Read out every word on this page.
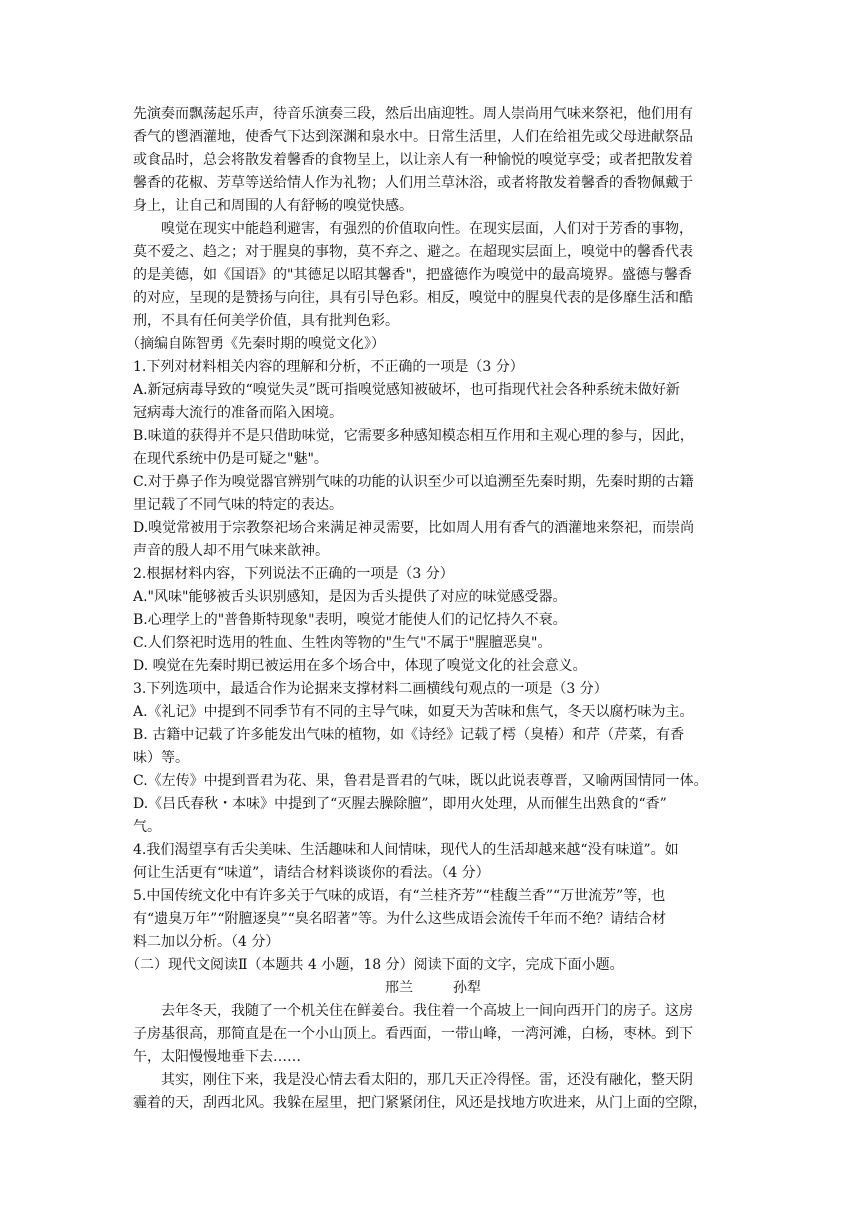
先演奏而飘荡起乐声，待音乐演奏三段，然后出庙迎牲。周人崇尚用气味来祭祀，他们用有
香气的鬯酒灌地，使香气下达到深渊和泉水中。日常生活里，人们在给祖先或父母进献祭品
或食品时，总会将散发着馨香的食物呈上，以让亲人有一种愉悦的嗅觉享受；或者把散发着
馨香的花椒、芳草等送给情人作为礼物；人们用兰草沐浴，或者将散发着馨香的香物佩戴于
身上，让自己和周围的人有舒畅的嗅觉快感。
嗅觉在现实中能趋利避害，有强烈的价值取向性。在现实层面，人们对于芳香的事物，
莫不爱之、趋之；对于腥臭的事物，莫不弃之、避之。在超现实层面上，嗅觉中的馨香代表
的是美德，如《国语》的"其德足以昭其馨香"，把盛德作为嗅觉中的最高境界。盛德与馨香
的对应，呈现的是赞扬与向往，具有引导色彩。相反，嗅觉中的腥臭代表的是侈靡生活和酷
刑，不具有任何美学价值，具有批判色彩。
（摘编自陈智勇《先秦时期的嗅觉文化》）
1.下列对材料相关内容的理解和分析，不正确的一项是（3 分）
A.新冠病毒导致的“嗅觉失灵”既可指嗅觉感知被破坏，也可指现代社会各种系统未做好新
冠病毒大流行的准备而陷入困境。
B.味道的获得并不是只借助味觉，它需要多种感知模态相互作用和主观心理的参与，因此，
在现代系统中仍是可疑之"魅"。
C.对于鼻子作为嗅觉器官辨别气味的功能的认识至少可以追溯至先秦时期，先秦时期的古籍
里记载了不同气味的特定的表达。
D.嗅觉常被用于宗教祭祀场合来满足神灵需要，比如周人用有香气的酒灌地来祭祀，而崇尚
声音的殷人却不用气味来歆神。
2.根据材料内容，下列说法不正确的一项是（3 分）
A."风味"能够被舌头识别感知，是因为舌头提供了对应的味觉感受器。
B.心理学上的"普鲁斯特现象"表明，嗅觉才能使人们的记忆持久不衰。
C.人们祭祀时选用的牲血、生牲肉等物的"生气"不属于"腥膻恶臭"。
D. 嗅觉在先秦时期已被运用在多个场合中，体现了嗅觉文化的社会意义。
3.下列选项中，最适合作为论据来支撑材料二画横线句观点的一项是（3 分）
A.《礼记》中提到不同季节有不同的主导气味，如夏天为苦味和焦气，冬天以腐朽味为主。
B. 古籍中记载了许多能发出气味的植物，如《诗经》记载了樗（臭椿）和芹（芹菜，有香
味）等。
C.《左传》中提到晋君为花、果，鲁君是晋君的气味，既以此说表尊晋，又喻两国情同一体。
D.《吕氏春秋・本味》中提到了“灭腥去臊除膻”，即用火处理，从而催生出熟食的“香”
气。
4.我们渴望享有舌尖美味、生活趣味和人间情味，现代人的生活却越来越“没有味道”。如
何让生活更有“味道”，请结合材料谈谈你的看法。（4 分）
5.中国传统文化中有许多关于气味的成语，有“兰桂齐芳”“桂馥兰香”“万世流芳”等，也
有“遗臭万年”“附膻逐臭”“臭名昭著”等。为什么这些成语会流传千年而不绝？请结合材
料二加以分析。（4 分）
（二）现代文阅读Ⅱ（本题共 4 小题，18 分）阅读下面的文字，完成下面小题。
邢兰	孙犁
去年冬天，我随了一个机关住在鲜姜台。我住着一个高坡上一间向西开门的房子。这房
子房基很高，那简直是在一个小山顶上。看西面，一带山峰，一湾河滩，白杨，枣林。到下
午，太阳慢慢地垂下去……
其实，刚住下来，我是没心情去看太阳的，那几天正冷得怪。雷，还没有融化，整天阴
霾着的天，刮西北风。我躲在屋里，把门紧紧闭住，风还是找地方吹进来，从门上面的空隙，
